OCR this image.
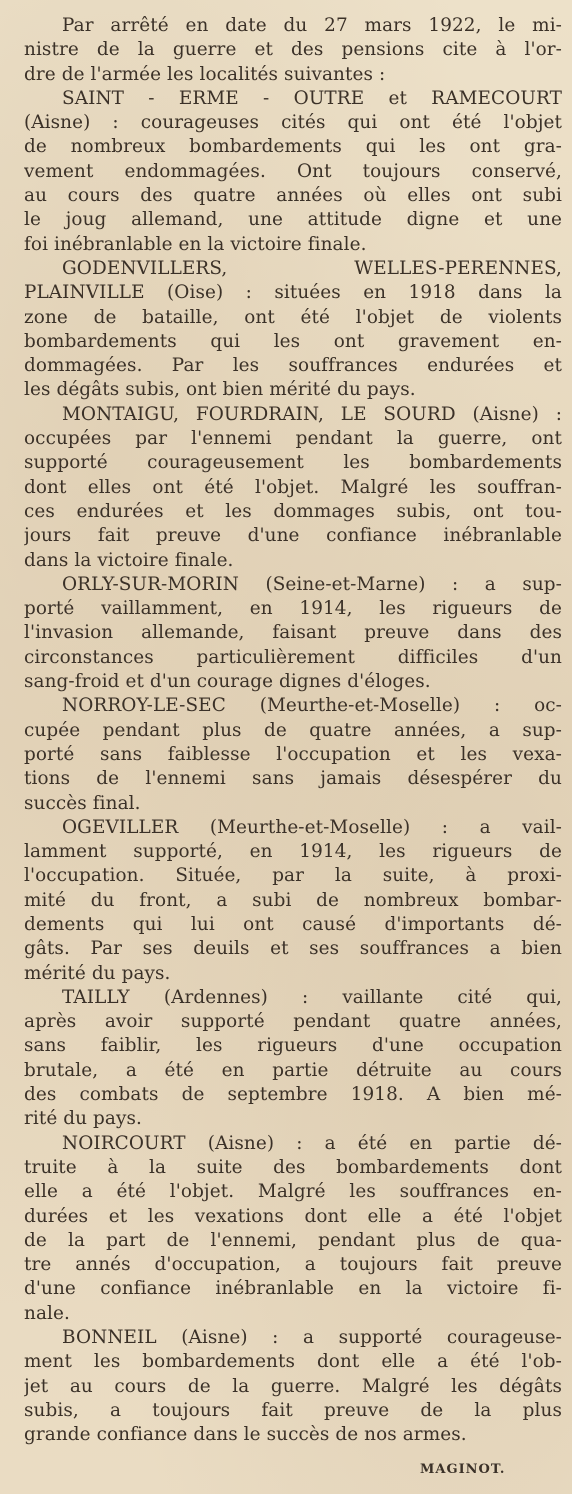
Par arrêté en date du 27 mars 1922, le mi-
nistre de la guerre et des pensions cite à l'or-
dre de l'armée les localités suivantes :
SAINT - ERME - OUTRE et RAMECOURT
(Aisne) : courageuses cités qui ont été l'objet
de nombreux bombardements qui les ont gra-
vement endommagées. Ont toujours conservé,
au cours des quatre années où elles ont subi
le joug allemand, une attitude digne et une
foi inébranlable en la victoire finale.
GODENVILLERS, WELLES-PERENNES,
PLAINVILLE (Oise) : situées en 1918 dans la
zone de bataille, ont été l'objet de violents
bombardements qui les ont gravement en-
dommagées. Par les souffrances endurées et
les dégâts subis, ont bien mérité du pays.
MONTAIGU, FOURDRAIN, LE SOURD (Aisne) :
occupées par l'ennemi pendant la guerre, ont
supporté courageusement les bombardements
dont elles ont été l'objet. Malgré les souffran-
ces endurées et les dommages subis, ont tou-
jours fait preuve d'une confiance inébranlable
dans la victoire finale.
ORLY-SUR-MORIN (Seine-et-Marne) : a sup-
porté vaillamment, en 1914, les rigueurs de
l'invasion allemande, faisant preuve dans des
circonstances particulièrement difficiles d'un
sang-froid et d'un courage dignes d'éloges.
NORROY-LE-SEC (Meurthe-et-Moselle) : oc-
cupée pendant plus de quatre années, a sup-
porté sans faiblesse l'occupation et les vexa-
tions de l'ennemi sans jamais désespérer du
succès final.
OGEVILLER (Meurthe-et-Moselle) : a vail-
lamment supporté, en 1914, les rigueurs de
l'occupation. Située, par la suite, à proxi-
mité du front, a subi de nombreux bombar-
dements qui lui ont causé d'importants dé-
gâts. Par ses deuils et ses souffrances a bien
mérité du pays.
TAILLY (Ardennes) : vaillante cité qui,
après avoir supporté pendant quatre années,
sans faiblir, les rigueurs d'une occupation
brutale, a été en partie détruite au cours
des combats de septembre 1918. A bien mé-
rité du pays.
NOIRCOURT (Aisne) : a été en partie dé-
truite à la suite des bombardements dont
elle a été l'objet. Malgré les souffrances en-
durées et les vexations dont elle a été l'objet
de la part de l'ennemi, pendant plus de qua-
tre annés d'occupation, a toujours fait preuve
d'une confiance inébranlable en la victoire fi-
nale.
BONNEIL (Aisne) : a supporté courageuse-
ment les bombardements dont elle a été l'ob-
jet au cours de la guerre. Malgré les dégâts
subis, a toujours fait preuve de la plus
grande confiance dans le succès de nos armes.
MAGINOT.
